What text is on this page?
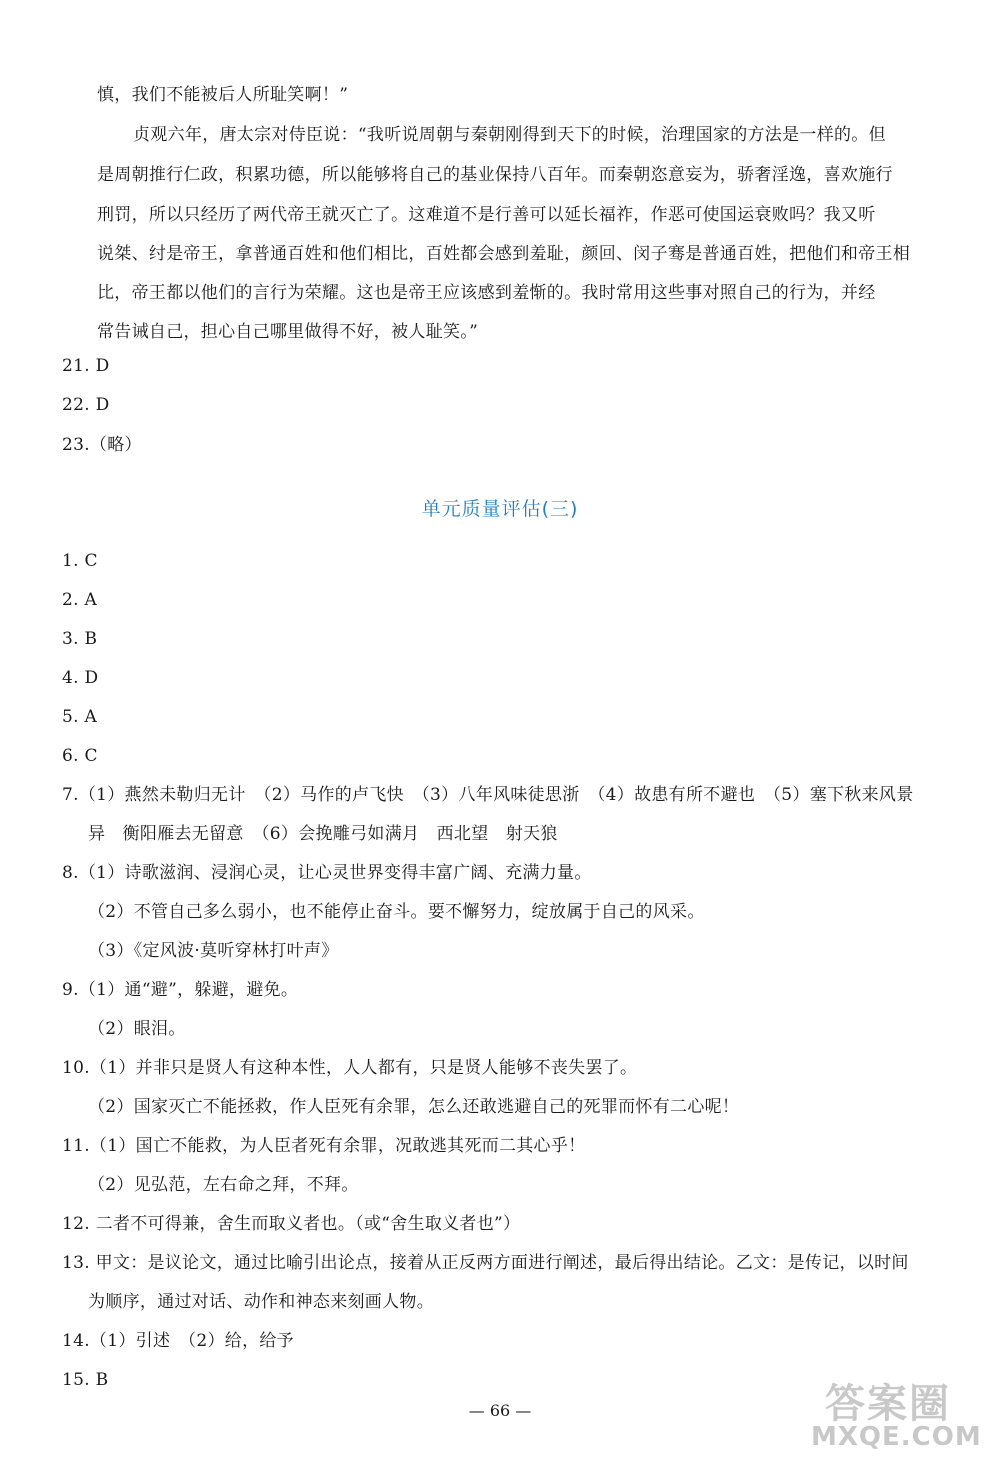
慎，我们不能被后人所耻笑啊！”
贞观六年，唐太宗对侍臣说：“我听说周朝与秦朝刚得到天下的时候，治理国家的方法是一样的。但
是周朝推行仁政，积累功德，所以能够将自己的基业保持八百年。而秦朝恣意妄为，骄奢淫逸，喜欢施行
刑罚，所以只经历了两代帝王就灭亡了。这难道不是行善可以延长福祚，作恶可使国运衰败吗？我又听
说桀、纣是帝王，拿普通百姓和他们相比，百姓都会感到羞耻，颜回、闵子骞是普通百姓，把他们和帝王相
比，帝王都以他们的言行为荣耀。这也是帝王应该感到羞惭的。我时常用这些事对照自己的行为，并经
常告诫自己，担心自己哪里做得不好，被人耻笑。”
21. D
22. D
23.（略）
单元质量评估(三)
1. C
2. A
3. B
4. D
5. A
6. C
7.（1）燕然未勒归无计　（2）马作的卢飞快　（3）八年风味徒思浙　（4）故患有所不避也　（5）塞下秋来风景
异　衡阳雁去无留意　（6）会挽雕弓如满月　西北望　射天狼
8.（1）诗歌滋润、浸润心灵，让心灵世界变得丰富广阔、充满力量。
（2）不管自己多么弱小，也不能停止奋斗。要不懈努力，绽放属于自己的风采。
（3）《定风波·莫听穿林打叶声》
9.（1）通“避”，躲避，避免。
（2）眼泪。
10.（1）并非只是贤人有这种本性，人人都有，只是贤人能够不丧失罢了。
（2）国家灭亡不能拯救，作人臣死有余罪，怎么还敢逃避自己的死罪而怀有二心呢！
11.（1）国亡不能救，为人臣者死有余罪，况敢逃其死而二其心乎！
（2）见弘范，左右命之拜，不拜。
12. 二者不可得兼，舍生而取义者也。（或“舍生取义者也”）
13. 甲文：是议论文，通过比喻引出论点，接着从正反两方面进行阐述，最后得出结论。乙文：是传记，以时间
为顺序，通过对话、动作和神态来刻画人物。
14.（1）引述　（2）给，给予
15. B
— 66 —	答案圈
MXQE.COM
